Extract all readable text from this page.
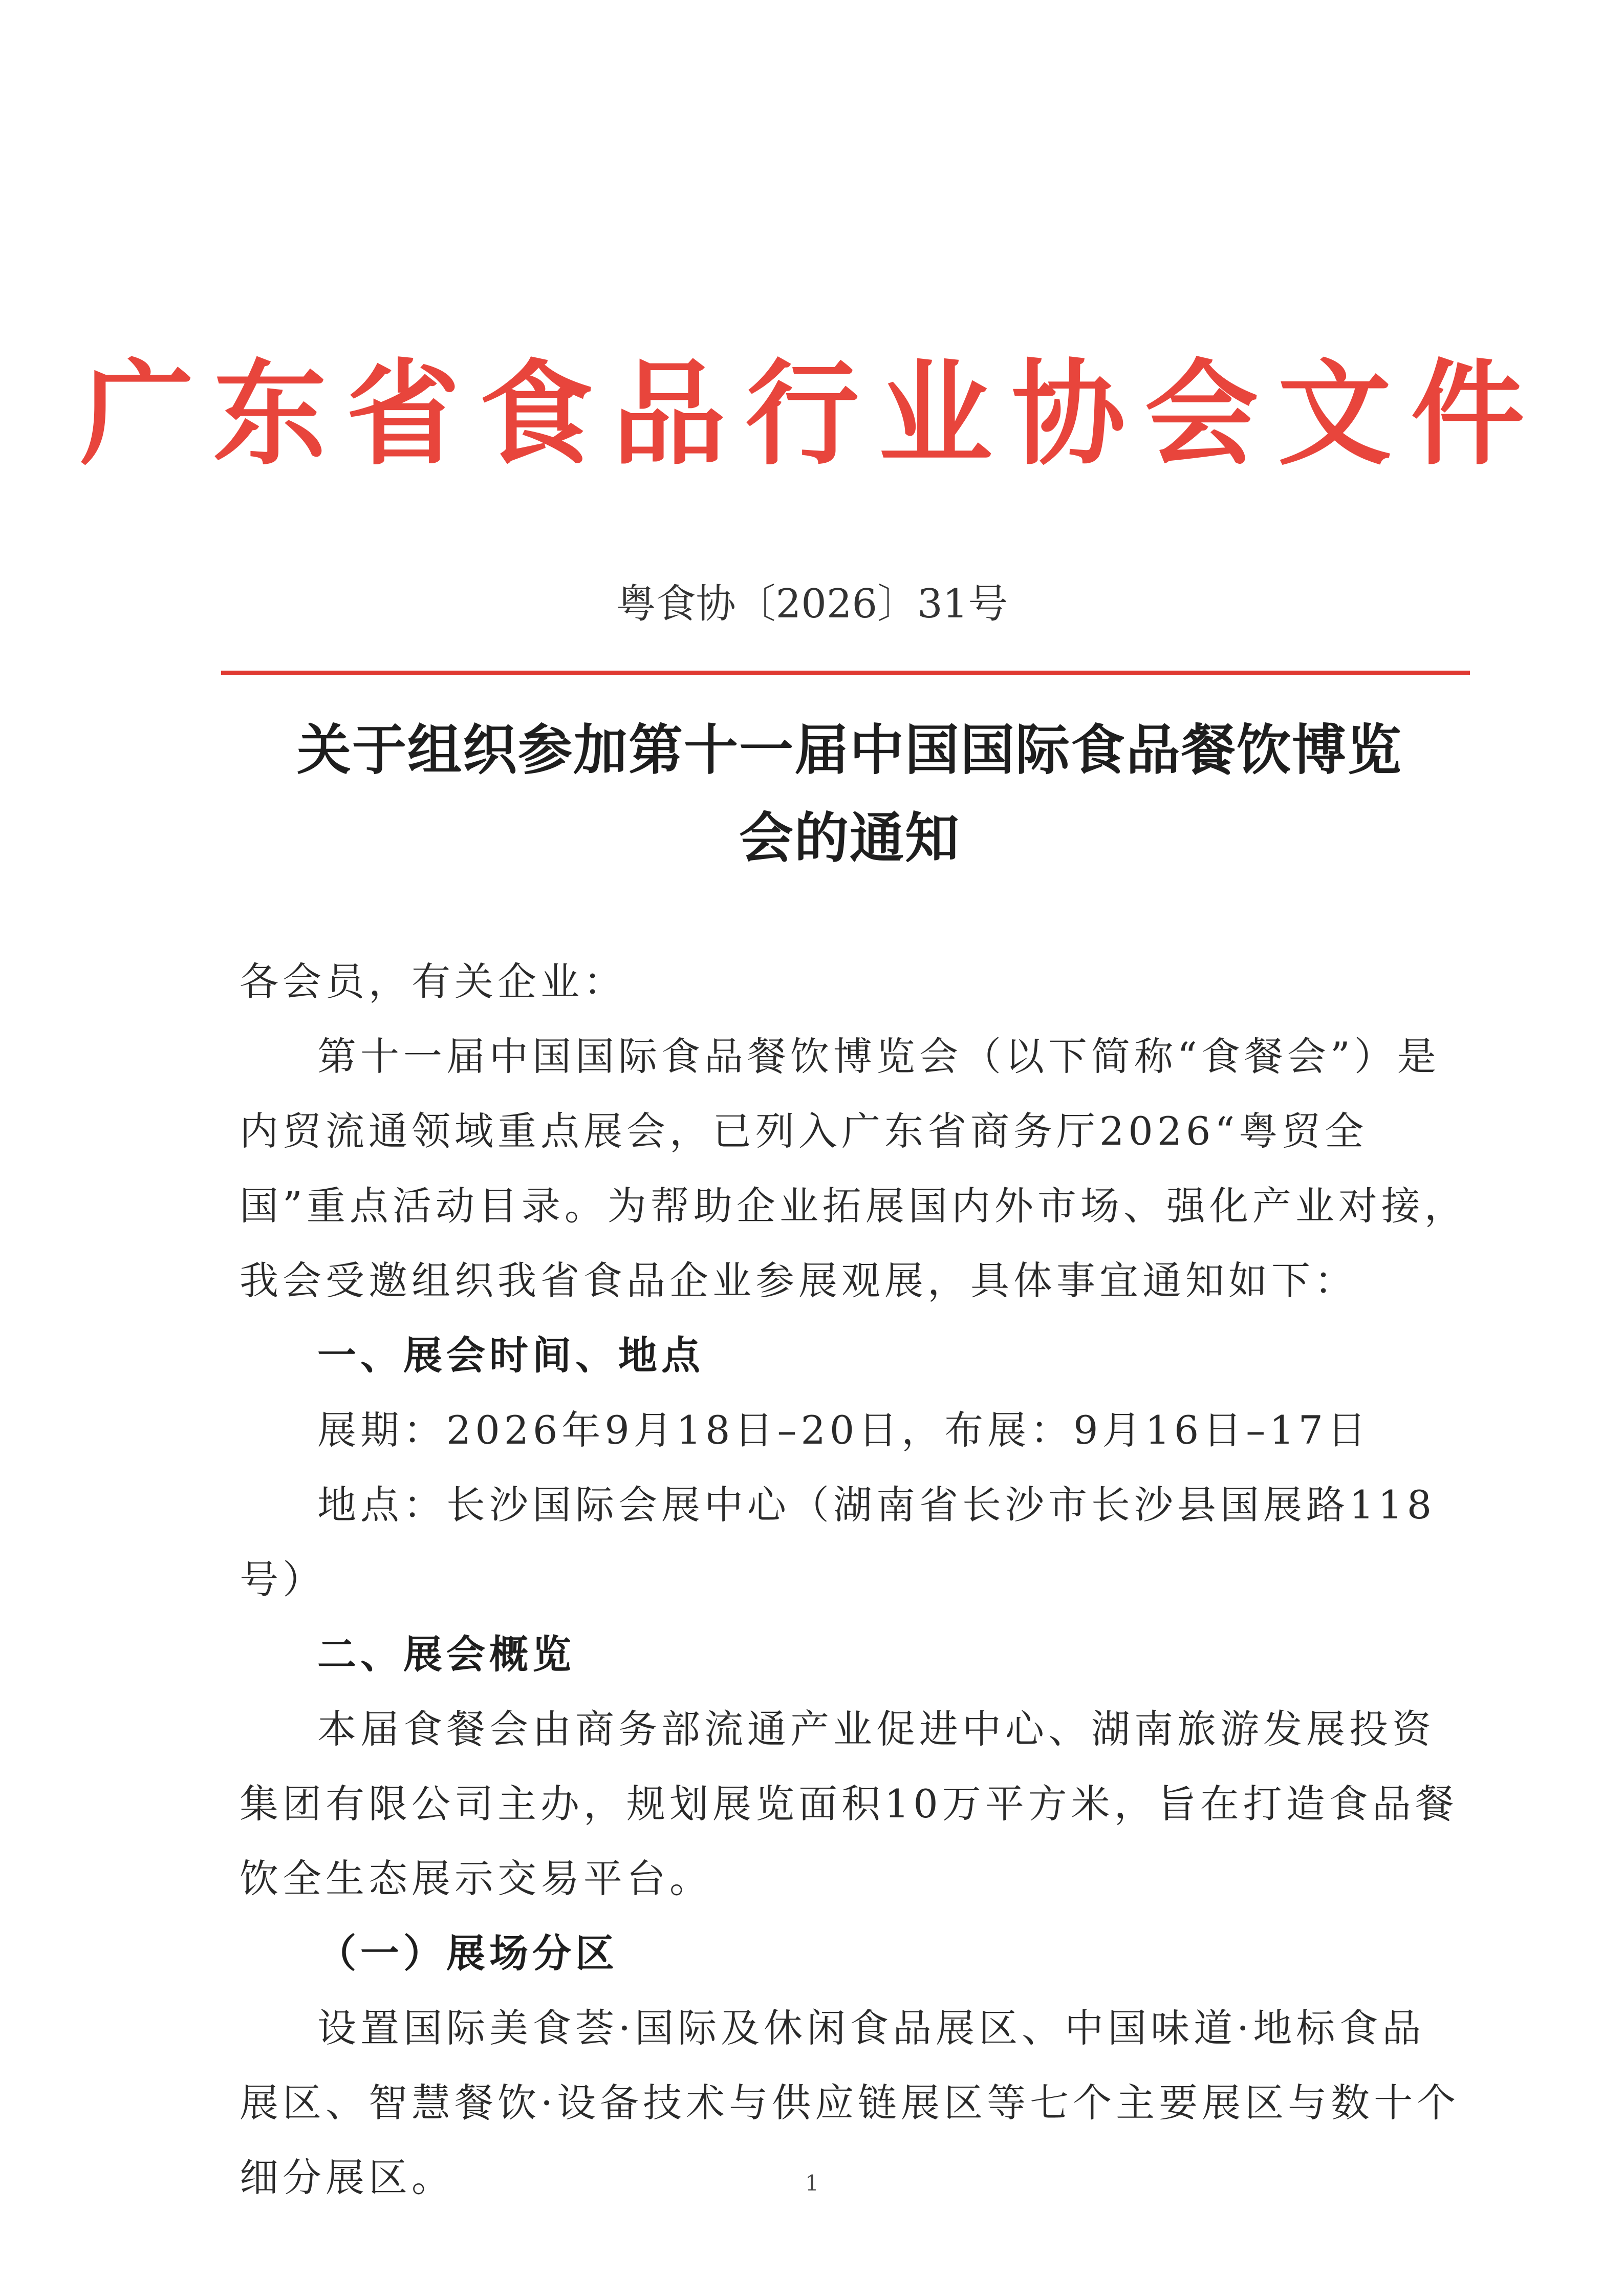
广东省食品行业协会文件
粤食协〔2026〕31号
关于组织参加第十一届中国国际食品餐饮博览
会的通知

各会员，有关企业：

第十一届中国国际食品餐饮博览会（以下简称“食餐会”）是内贸流通领域重点展会，已列入广东省商务厅2026“粤贸全国”重点活动目录。为帮助企业拓展国内外市场、强化产业对接，我会受邀组织我省食品企业参展观展，具体事宜通知如下：

一、展会时间、地点

展期：2026年9月18日–20日，布展：9月16日–17日

地点：长沙国际会展中心（湖南省长沙市长沙县国展路118号）

二、展会概览

本届食餐会由商务部流通产业促进中心、湖南旅游发展投资集团有限公司主办，规划展览面积10万平方米，旨在打造食品餐饮全生态展示交易平台。

（一）展场分区

设置国际美食荟·国际及休闲食品展区、中国味道·地标食品展区、智慧餐饮·设备技术与供应链展区等七个主要展区与数十个细分展区。	1
